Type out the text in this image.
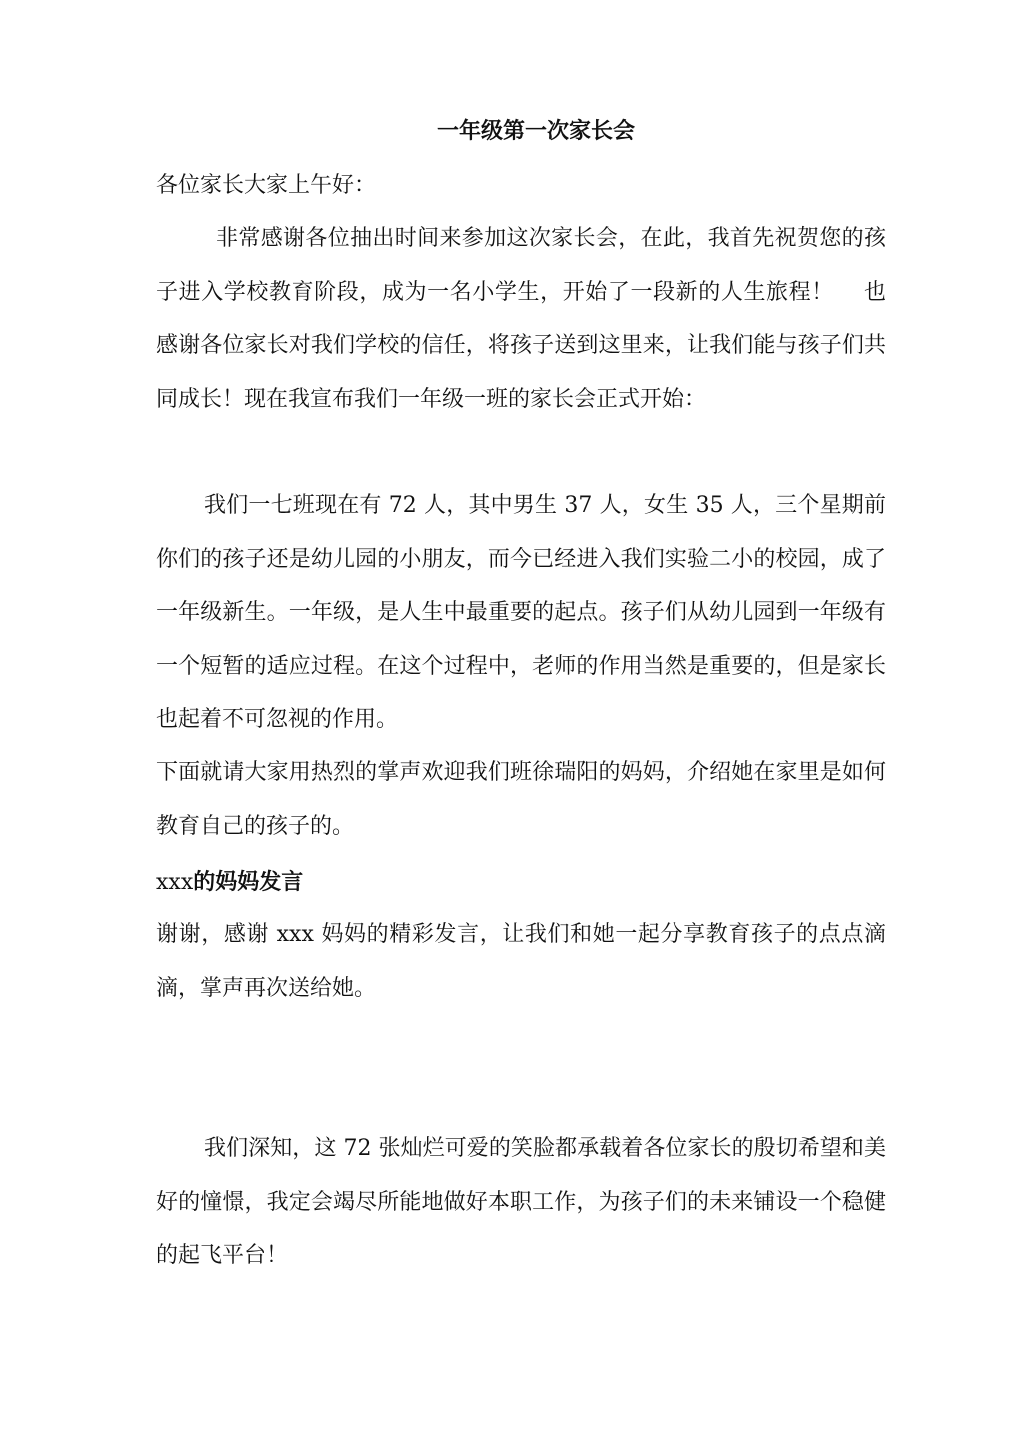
一年级第一次家长会

各位家长大家上午好：

非常感谢各位抽出时间来参加这次家长会，在此，我首先祝贺您的孩子进入学校教育阶段，成为一名小学生，开始了一段新的人生旅程！　 也感谢各位家长对我们学校的信任，将孩子送到这里来，让我们能与孩子们共同成长！现在我宣布我们一年级一班的家长会正式开始：

我们一七班现在有 72 人，其中男生 37 人，女生 35 人，三个星期前你们的孩子还是幼儿园的小朋友，而今已经进入我们实验二小的校园，成了一年级新生。一年级，是人生中最重要的起点。孩子们从幼儿园到一年级有一个短暂的适应过程。在这个过程中，老师的作用当然是重要的，但是家长也起着不可忽视的作用。

下面就请大家用热烈的掌声欢迎我们班徐瑞阳的妈妈，介绍她在家里是如何教育自己的孩子的。

xxx的妈妈发言

谢谢，感谢 xxx 妈妈的精彩发言，让我们和她一起分享教育孩子的点点滴滴，掌声再次送给她。

我们深知，这 72 张灿烂可爱的笑脸都承载着各位家长的殷切希望和美好的憧憬，我定会竭尽所能地做好本职工作，为孩子们的未来铺设一个稳健的起飞平台！
